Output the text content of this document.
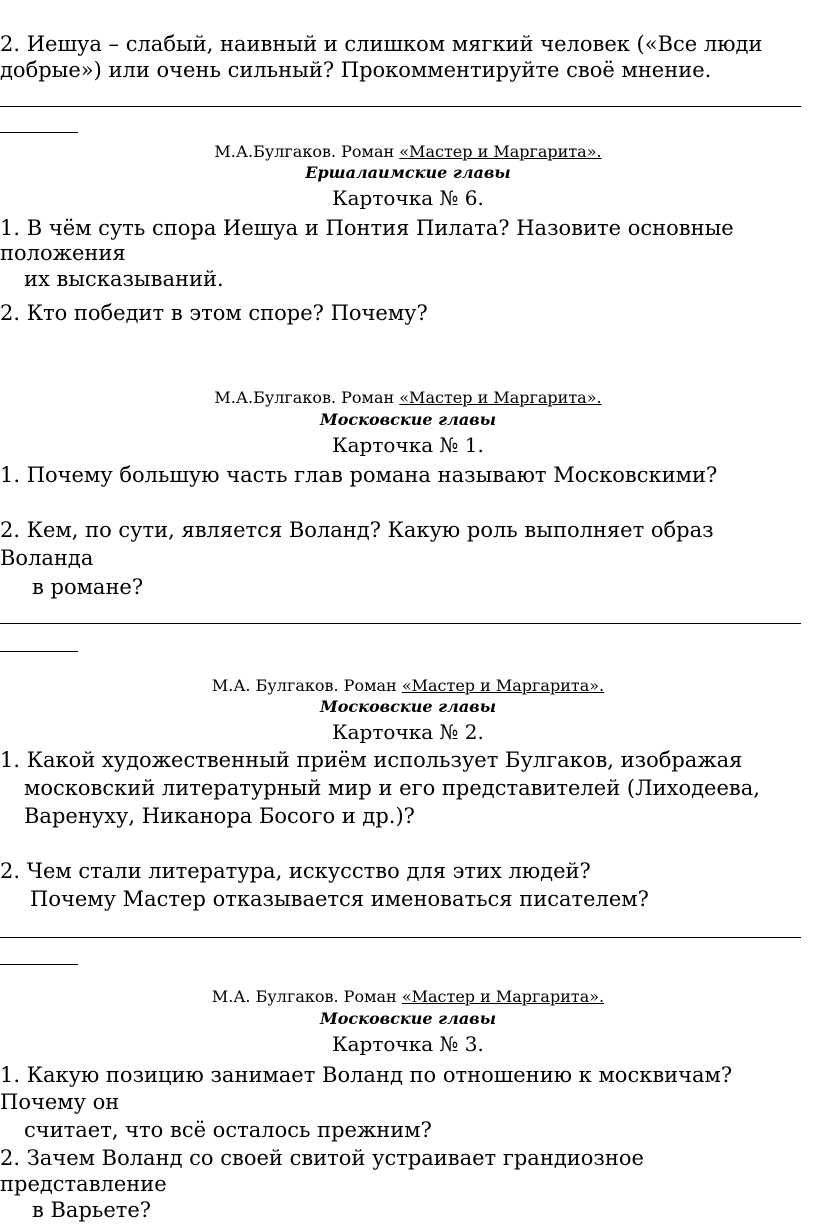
2. Иешуа – слабый, наивный и слишком мягкий человек («Все люди
добрые») или очень сильный? Прокомментируйте своё мнение.
М.А.Булгаков. Роман «Мастер и Маргарита».
Ершалаимские главы
Карточка № 6.
1. В чём суть спора Иешуа и Понтия Пилата? Назовите основные
положения
их высказываний.
2. Кто победит в этом споре? Почему?
М.А.Булгаков. Роман «Мастер и Маргарита».
Московские главы
Карточка № 1.
1. Почему большую часть глав романа называют Московскими?
2. Кем, по сути, является Воланд? Какую роль выполняет образ
Воланда
в романе?
М.А. Булгаков. Роман «Мастер и Маргарита».
Московские главы
Карточка № 2.
1. Какой художественный приём использует Булгаков, изображая
московский литературный мир и его представителей (Лиходеева,
Варенуху, Никанора Босого и др.)?
2. Чем стали литература, искусство для этих людей?
Почему Мастер отказывается именоваться писателем?
М.А. Булгаков. Роман «Мастер и Маргарита».
Московские главы
Карточка № 3.
1. Какую позицию занимает Воланд по отношению к москвичам?
Почему он
считает, что всё осталось прежним?
2. Зачем Воланд со своей свитой устраивает грандиозное
представление
в Варьете?
